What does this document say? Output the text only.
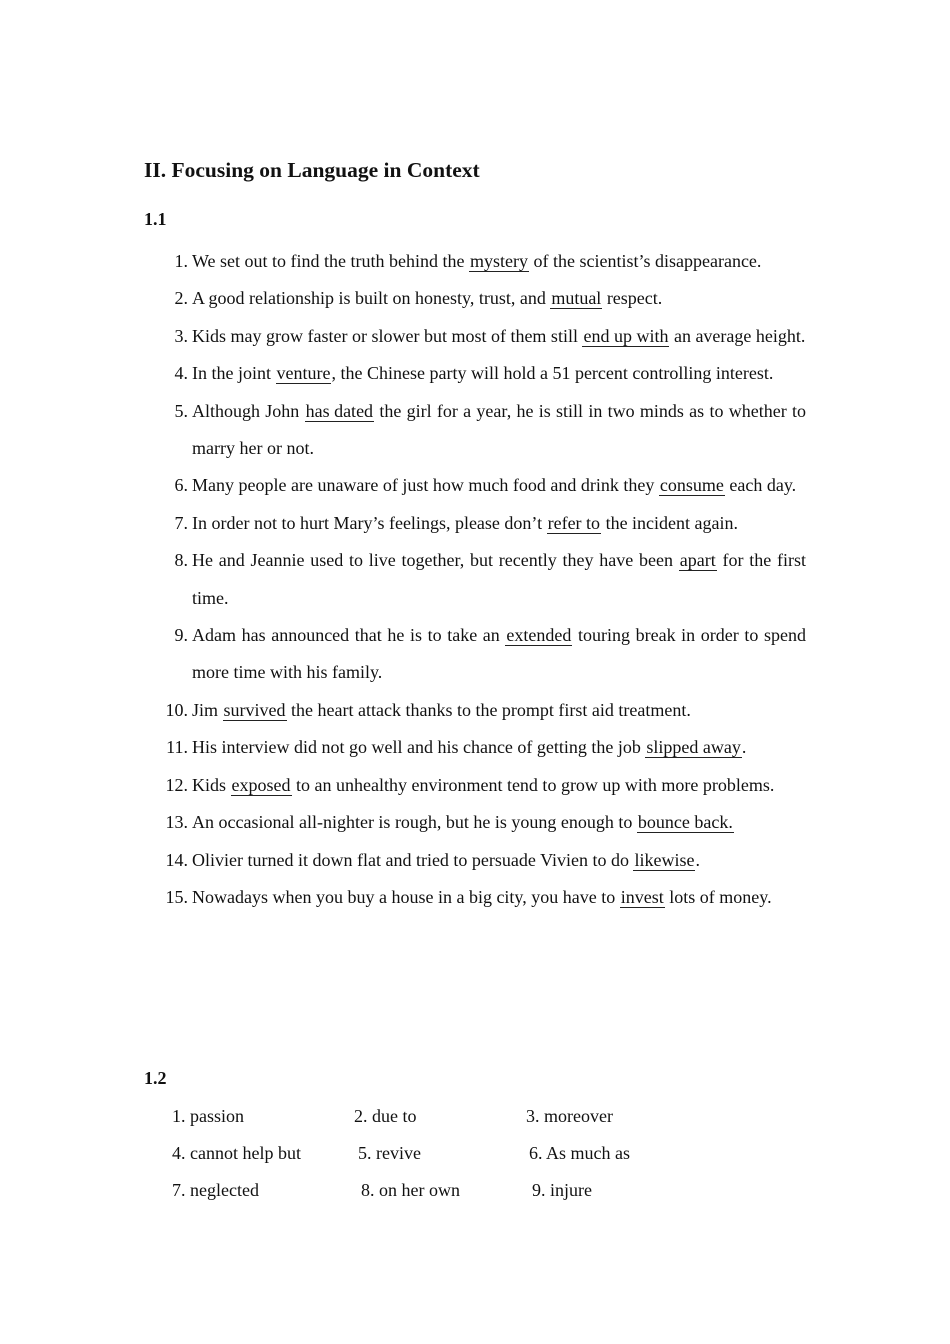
II. Focusing on Language in Context
1.1
1. We set out to find the truth behind the mystery of the scientist’s disappearance.
2. A good relationship is built on honesty, trust, and mutual respect.
3. Kids may grow faster or slower but most of them still end up with an average height.
4. In the joint venture, the Chinese party will hold a 51 percent controlling interest.
5. Although John has dated the girl for a year, he is still in two minds as to whether to marry her or not.
6. Many people are unaware of just how much food and drink they consume each day.
7. In order not to hurt Mary’s feelings, please don’t refer to the incident again.
8. He and Jeannie used to live together, but recently they have been apart for the first time.
9. Adam has announced that he is to take an extended touring break in order to spend more time with his family.
10. Jim survived the heart attack thanks to the prompt first aid treatment.
11. His interview did not go well and his chance of getting the job slipped away.
12. Kids exposed to an unhealthy environment tend to grow up with more problems.
13. An occasional all-nighter is rough, but he is young enough to bounce back.
14. Olivier turned it down flat and tried to persuade Vivien to do likewise.
15. Nowadays when you buy a house in a big city, you have to invest lots of money.
1.2
1. passion	2. due to	3. moreover
4. cannot help but	5. revive	6. As much as
7. neglected	8. on her own	9. injure
